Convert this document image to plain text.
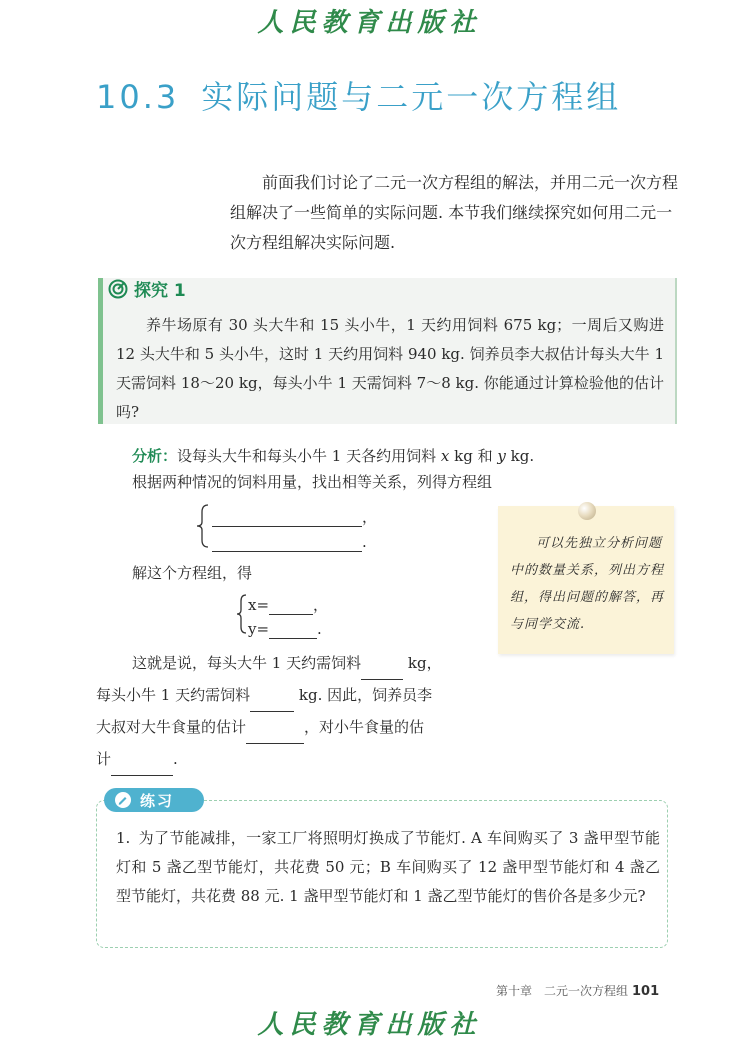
人民教育出版社
10.3 实际问题与二元一次方程组
前面我们讨论了二元一次方程组的解法，并用二元一次方程组解决了一些简单的实际问题. 本节我们继续探究如何用二元一次方程组解决实际问题.
探究 1
养牛场原有 30 头大牛和 15 头小牛，1 天约用饲料 675 kg；一周后又购进 12 头大牛和 5 头小牛，这时 1 天约用饲料 940 kg. 饲养员李大叔估计每头大牛 1 天需饲料 18～20 kg，每头小牛 1 天需饲料 7～8 kg. 你能通过计算检验他的估计吗?
分析：设每头大牛和每头小牛 1 天各约用饲料 x kg 和 y kg.
根据两种情况的饲料用量，找出相等关系，列得方程组
，
.
解这个方程组，得
x=	，
y=	.

这就是说，每头大牛 1 天约需饲料	kg，

每头小牛 1 天约需饲料	kg. 因此，饲养员李

大叔对大牛食量的估计	，对小牛食量的估

计	.

可以先独立分析问题中的数量关系，列出方程组，得出问题的解答，再与同学交流.
练习
1. 为了节能减排，一家工厂将照明灯换成了节能灯. A 车间购买了 3 盏甲型节能灯和 5 盏乙型节能灯，共花费 50 元；B 车间购买了 12 盏甲型节能灯和 4 盏乙型节能灯，共花费 88 元. 1 盏甲型节能灯和 1 盏乙型节能灯的售价各是多少元?
第十章　二元一次方程组 101
人民教育出版社
